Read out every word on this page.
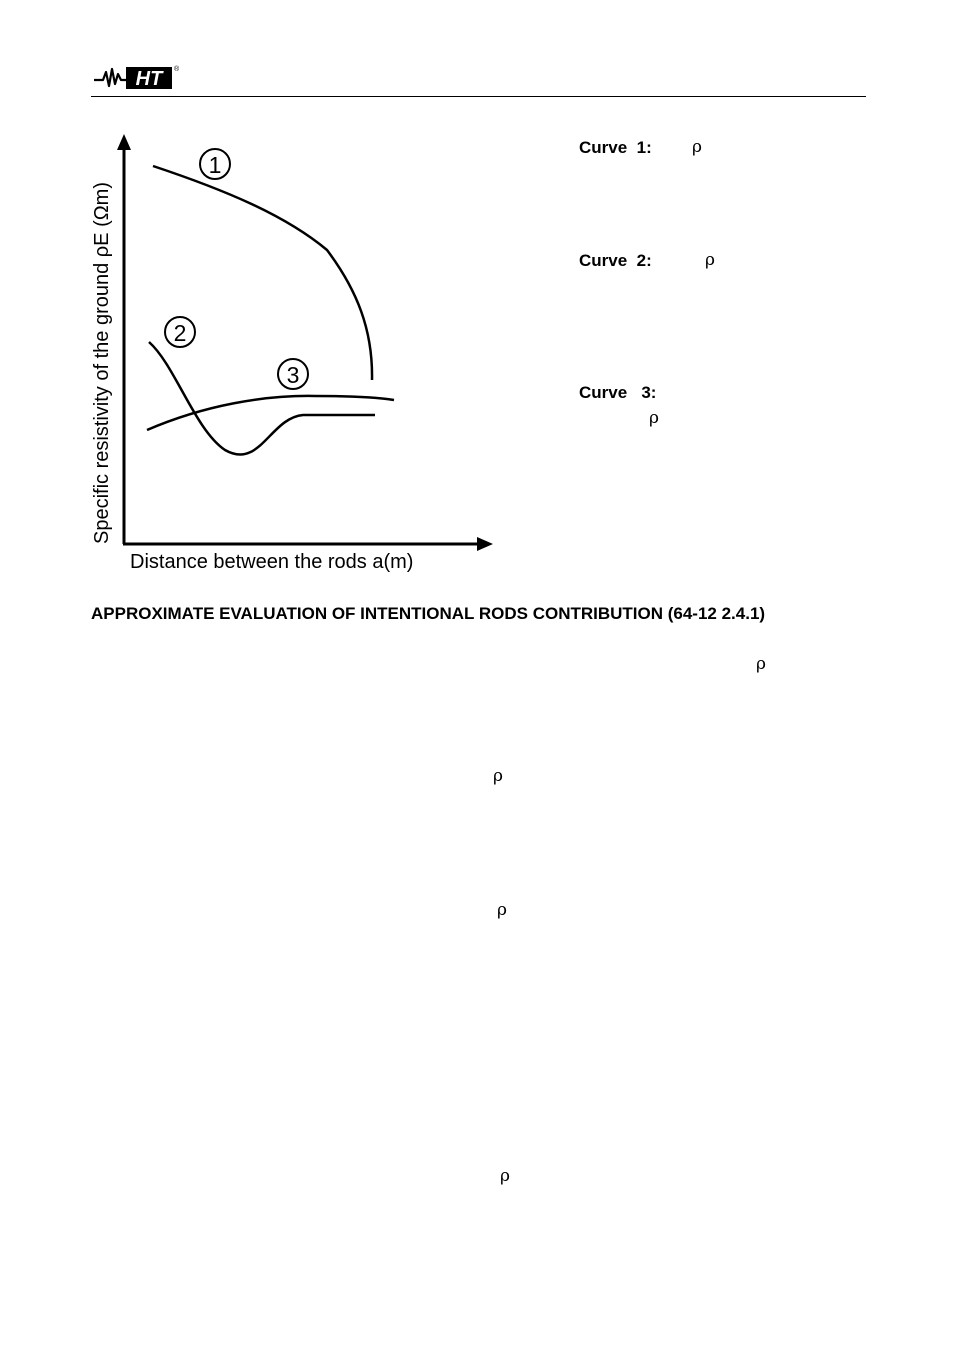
HT ®
1
2
3
Specific resistivity of the ground ρE (Ωm)
Distance between the rods a(m)
Curve  1: ρ
Curve  2:	ρ
Curve   3:
ρ
APPROXIMATE EVALUATION OF INTENTIONAL RODS CONTRIBUTION (64-12 2.4.1)
ρ
ρ
ρ
ρ
